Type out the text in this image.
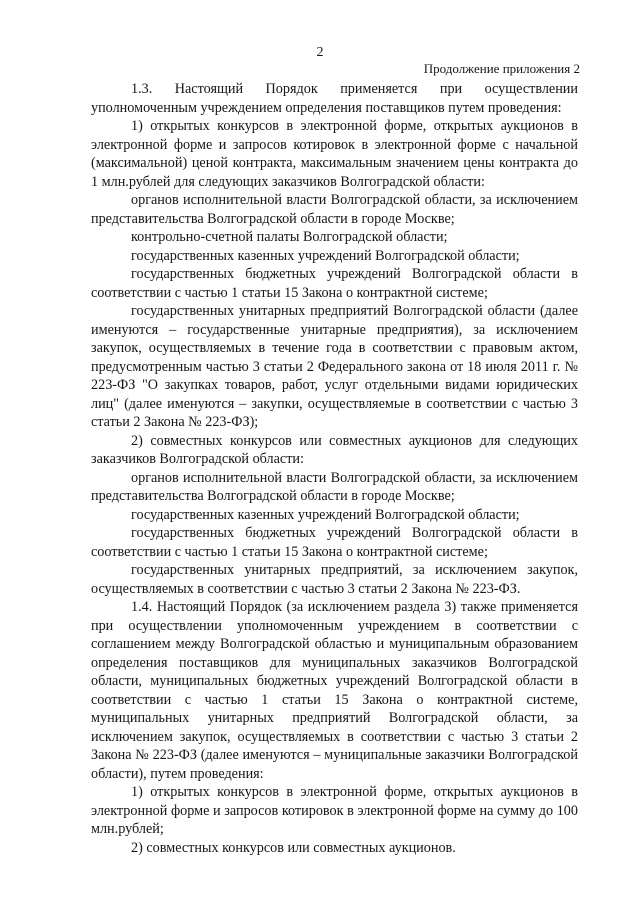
2
Продолжение приложения 2

1.3. Настоящий Порядок применяется при осуществлении уполномоченным учреждением определения поставщиков путем проведения:

1) открытых конкурсов в электронной форме, открытых аукционов в электронной форме и запросов котировок в электронной форме с начальной (максимальной) ценой контракта, максимальным значением цены контракта до 1 млн.рублей для следующих заказчиков Волгоградской области:

органов исполнительной власти Волгоградской области, за исключением представительства Волгоградской области в городе Москве;

контрольно-счетной палаты Волгоградской области;

государственных казенных учреждений Волгоградской области;

государственных бюджетных учреждений Волгоградской области в соответствии с частью 1 статьи 15 Закона о контрактной системе;

государственных унитарных предприятий Волгоградской области (далее именуются – государственные унитарные предприятия), за исключением закупок, осуществляемых в течение года в соответствии с правовым актом, предусмотренным частью 3 статьи 2 Федерального закона от 18 июля 2011 г. № 223-ФЗ "О закупках товаров, работ, услуг отдельными видами юридических лиц" (далее именуются – закупки, осуществляемые в соответствии с частью 3 статьи 2 Закона № 223-ФЗ);

2) совместных конкурсов или совместных аукционов для следующих заказчиков Волгоградской области:

органов исполнительной власти Волгоградской области, за исключением представительства Волгоградской области в городе Москве;

государственных казенных учреждений Волгоградской области;

государственных бюджетных учреждений Волгоградской области в соответствии с частью 1 статьи 15 Закона о контрактной системе;

государственных унитарных предприятий, за исключением закупок, осуществляемых в соответствии с частью 3 статьи 2 Закона № 223-ФЗ.

1.4. Настоящий Порядок (за исключением раздела 3) также применяется при осуществлении уполномоченным учреждением в соответствии с соглашением между Волгоградской областью и муниципальным образованием определения поставщиков для муниципальных заказчиков Волгоградской области, муниципальных бюджетных учреждений Волгоградской области в соответствии с частью 1 статьи 15 Закона о контрактной системе, муниципальных унитарных предприятий Волгоградской области, за исключением закупок, осуществляемых в соответствии с частью 3 статьи 2 Закона № 223-ФЗ (далее именуются – муниципальные заказчики Волгоградской области), путем проведения:

1) открытых конкурсов в электронной форме, открытых аукционов в электронной форме и запросов котировок в электронной форме на сумму до 100 млн.рублей;

2) совместных конкурсов или совместных аукционов.
